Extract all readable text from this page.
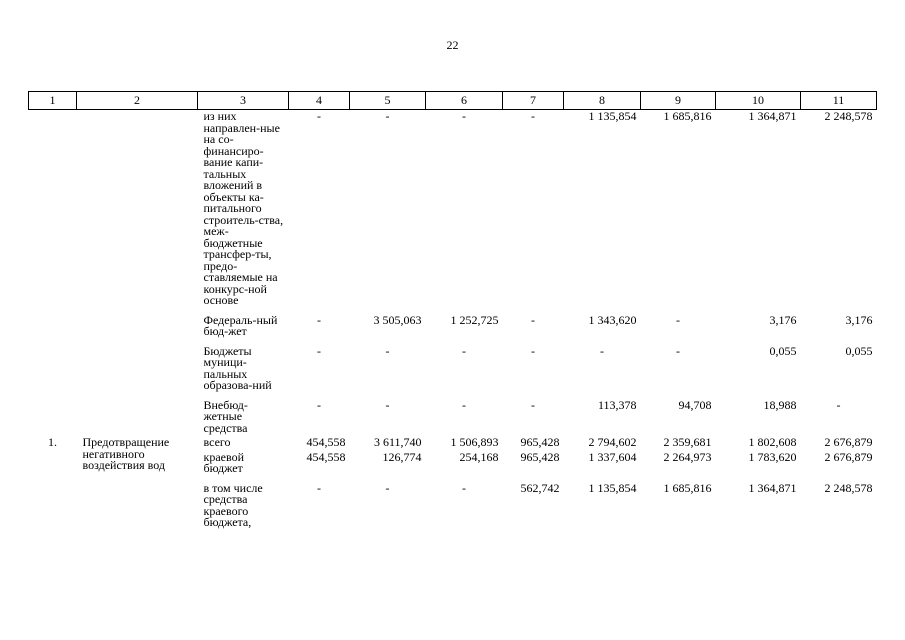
22
1	2	3	4	5	6	7	8	9	10	11
		из них направлен-ные на со-финансиро-вание капи-тальных вложений в объекты ка-питального строитель-ства, меж-бюджетные трансфер-ты, предо-ставляемые на конкурс-ной основе	-	-	-	-	1 135,854	1 685,816	1 364,871	2 248,578
		Федераль-ный бюд-жет	-	3 505,063	1 252,725	-	1 343,620	-	3,176	3,176
		Бюджеты муници-пальных образова-ний	-	-	-	-	-	-	0,055	0,055
		Внебюд-жетные средства	-	-	-	-	113,378	94,708	18,988	-
1.	Предотвращение негативного воздействия вод	всего	454,558	3 611,740	1 506,893	965,428	2 794,602	2 359,681	1 802,608	2 676,879
		краевой бюджет	454,558	126,774	254,168	965,428	1 337,604	2 264,973	1 783,620	2 676,879
		в том числе средства краевого бюджета,	-	-	-	562,742	1 135,854	1 685,816	1 364,871	2 248,578
